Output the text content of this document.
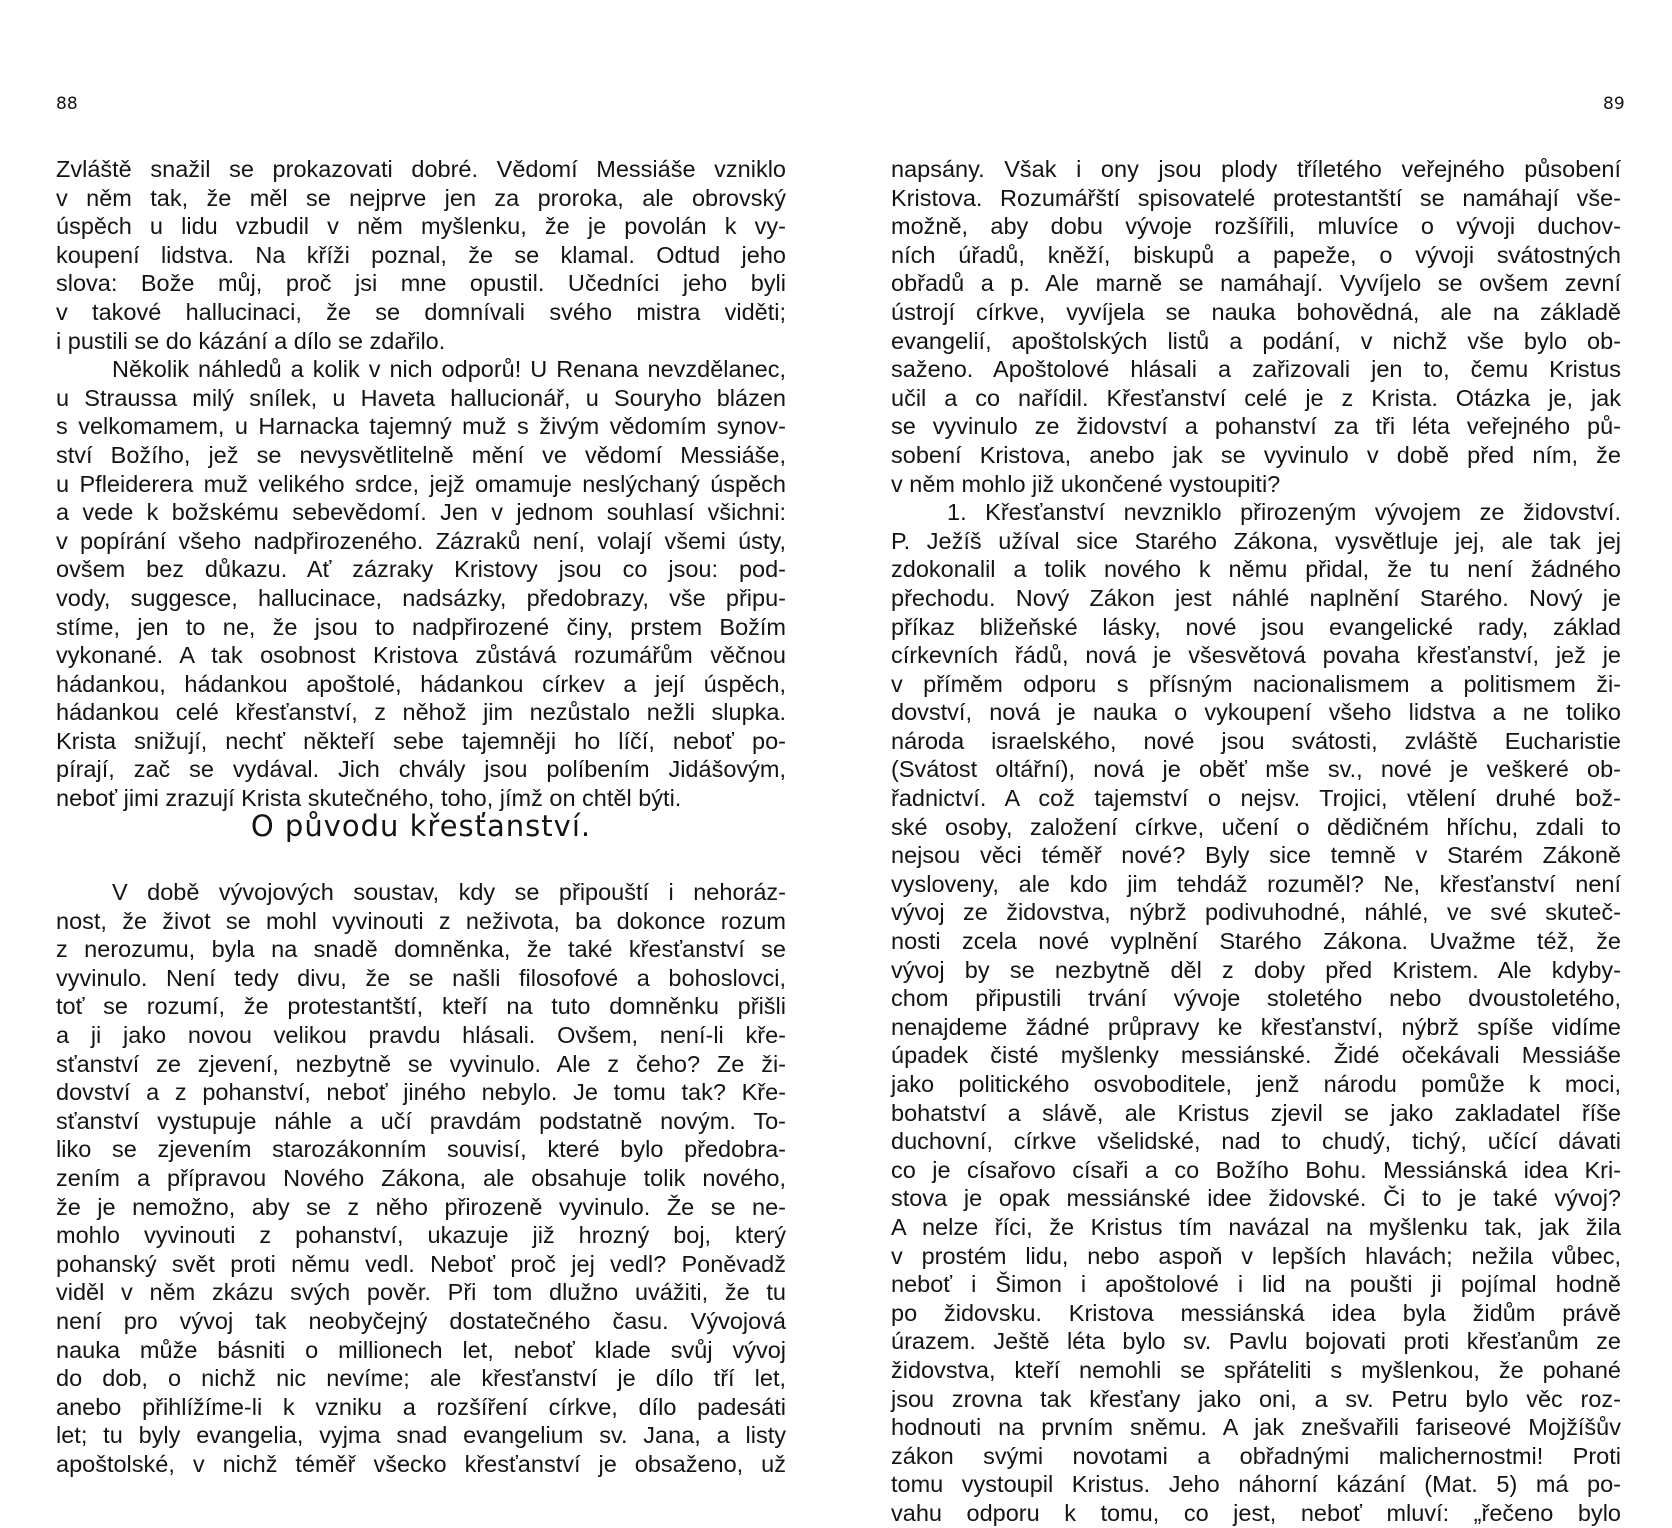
88	89
Zvláště snažil se prokazovati dobré. Vědomí Messiáše vzniklo
v něm tak, že měl se nejprve jen za proroka, ale obrovský
úspěch u lidu vzbudil v něm myšlenku, že je povolán k vy-
koupení lidstva. Na kříži poznal, že se klamal. Odtud jeho
slova: Bože můj, proč jsi mne opustil. Učedníci jeho byli
v takové hallucinaci, že se domnívali svého mistra viděti;
i pustili se do kázání a dílo se zdařilo.
Několik náhledů a kolik v nich odporů! U Renana nevzdělanec,
u Straussa milý snílek, u Haveta hallucionář, u Souryho blázen
s velkomamem, u Harnacka tajemný muž s živým vědomím synov-
ství Božího, jež se nevysvětlitelně mění ve vědomí Messiáše,
u Pfleiderera muž velikého srdce, jejž omamuje neslýchaný úspěch
a vede k božskému sebevědomí. Jen v jednom souhlasí všichni:
v popírání všeho nadpřirozeného. Zázraků není, volají všemi ústy,
ovšem bez důkazu. Ať zázraky Kristovy jsou co jsou: pod-
vody, suggesce, hallucinace, nadsázky, předobrazy, vše připu-
stíme, jen to ne, že jsou to nadpřirozené činy, prstem Božím
vykonané. A tak osobnost Kristova zůstává rozumářům věčnou
hádankou, hádankou apoštolé, hádankou církev a její úspěch,
hádankou celé křesťanství, z něhož jim nezůstalo nežli slupka.
Krista snižují, nechť někteří sebe tajemněji ho líčí, neboť po-
pírají, zač se vydával. Jich chvály jsou políbením Jidášovým,
neboť jimi zrazují Krista skutečného, toho, jímž on chtěl býti.
O původu křesťanství.
V době vývojových soustav, kdy se připouští i nehoráz-
nost, že život se mohl vyvinouti z neživota, ba dokonce rozum
z nerozumu, byla na snadě domněnka, že také křesťanství se
vyvinulo. Není tedy divu, že se našli filosofové a bohoslovci,
toť se rozumí, že protestantští, kteří na tuto domněnku přišli
a ji jako novou velikou pravdu hlásali. Ovšem, není-li kře-
sťanství ze zjevení, nezbytně se vyvinulo. Ale z čeho? Ze ži-
dovství a z pohanství, neboť jiného nebylo. Je tomu tak? Kře-
sťanství vystupuje náhle a učí pravdám podstatně novým. To-
liko se zjevením starozákonním souvisí, které bylo předobra-
zením a přípravou Nového Zákona, ale obsahuje tolik nového,
že je nemožno, aby se z něho přirozeně vyvinulo. Že se ne-
mohlo vyvinouti z pohanství, ukazuje již hrozný boj, který
pohanský svět proti němu vedl. Neboť proč jej vedl? Poněvadž
viděl v něm zkázu svých pověr. Při tom dlužno uvážiti, že tu
není pro vývoj tak neobyčejný dostatečného času. Vývojová
nauka může básniti o millionech let, neboť klade svůj vývoj
do dob, o nichž nic nevíme; ale křesťanství je dílo tří let,
anebo přihlížíme-li k vzniku a rozšíření církve, dílo padesáti
let; tu byly evangelia, vyjma snad evangelium sv. Jana, a listy
apoštolské, v nichž téměř všecko křesťanství je obsaženo, už
napsány. Však i ony jsou plody tříletého veřejného působení
Kristova. Rozumářští spisovatelé protestantští se namáhají vše-
možně, aby dobu vývoje rozšířili, mluvíce o vývoji duchov-
ních úřadů, kněží, biskupů a papeže, o vývoji svátostných
obřadů a p. Ale marně se namáhají. Vyvíjelo se ovšem zevní
ústrojí církve, vyvíjela se nauka bohovědná, ale na základě
evangelií, apoštolských listů a podání, v nichž vše bylo ob-
saženo. Apoštolové hlásali a zařizovali jen to, čemu Kristus
učil a co nařídil. Křesťanství celé je z Krista. Otázka je, jak
se vyvinulo ze židovství a pohanství za tři léta veřejného pů-
sobení Kristova, anebo jak se vyvinulo v době před ním, že
v něm mohlo již ukončené vystoupiti?
1. Křesťanství nevzniklo přirozeným vývojem ze židovství.
P. Ježíš užíval sice Starého Zákona, vysvětluje jej, ale tak jej
zdokonalil a tolik nového k němu přidal, že tu není žádného
přechodu. Nový Zákon jest náhlé naplnění Starého. Nový je
příkaz bližeňské lásky, nové jsou evangelické rady, základ
církevních řádů, nová je všesvětová povaha křesťanství, jež je
v příměm odporu s přísným nacionalismem a politismem ži-
dovství, nová je nauka o vykoupení všeho lidstva a ne toliko
národa israelského, nové jsou svátosti, zvláště Eucharistie
(Svátost oltářní), nová je oběť mše sv., nové je veškeré ob-
řadnictví. A což tajemství o nejsv. Trojici, vtělení druhé bož-
ské osoby, založení církve, učení o dědičném hříchu, zdali to
nejsou věci téměř nové? Byly sice temně v Starém Zákoně
vysloveny, ale kdo jim tehdáž rozuměl? Ne, křesťanství není
vývoj ze židovstva, nýbrž podivuhodné, náhlé, ve své skuteč-
nosti zcela nové vyplnění Starého Zákona. Uvažme též, že
vývoj by se nezbytně děl z doby před Kristem. Ale kdyby-
chom připustili trvání vývoje stoletého nebo dvoustoletého,
nenajdeme žádné průpravy ke křesťanství, nýbrž spíše vidíme
úpadek čisté myšlenky messiánské. Židé očekávali Messiáše
jako politického osvoboditele, jenž národu pomůže k moci,
bohatství a slávě, ale Kristus zjevil se jako zakladatel říše
duchovní, církve všelidské, nad to chudý, tichý, učící dávati
co je císařovo císaři a co Božího Bohu. Messiánská idea Kri-
stova je opak messiánské idee židovské. Či to je také vývoj?
A nelze říci, že Kristus tím navázal na myšlenku tak, jak žila
v prostém lidu, nebo aspoň v lepších hlavách; nežila vůbec,
neboť i Šimon i apoštolové i lid na poušti ji pojímal hodně
po židovsku. Kristova messiánská idea byla židům právě
úrazem. Ještě léta bylo sv. Pavlu bojovati proti křesťanům ze
židovstva, kteří nemohli se spřáteliti s myšlenkou, že pohané
jsou zrovna tak křesťany jako oni, a sv. Petru bylo věc roz-
hodnouti na prvním sněmu. A jak znešvařili fariseové Mojžíšův
zákon svými novotami a obřadnými malichernostmi! Proti
tomu vystoupil Kristus. Jeho náhorní kázání (Mat. 5) má po-
vahu odporu k tomu, co jest, neboť mluví: „řečeno bylo
